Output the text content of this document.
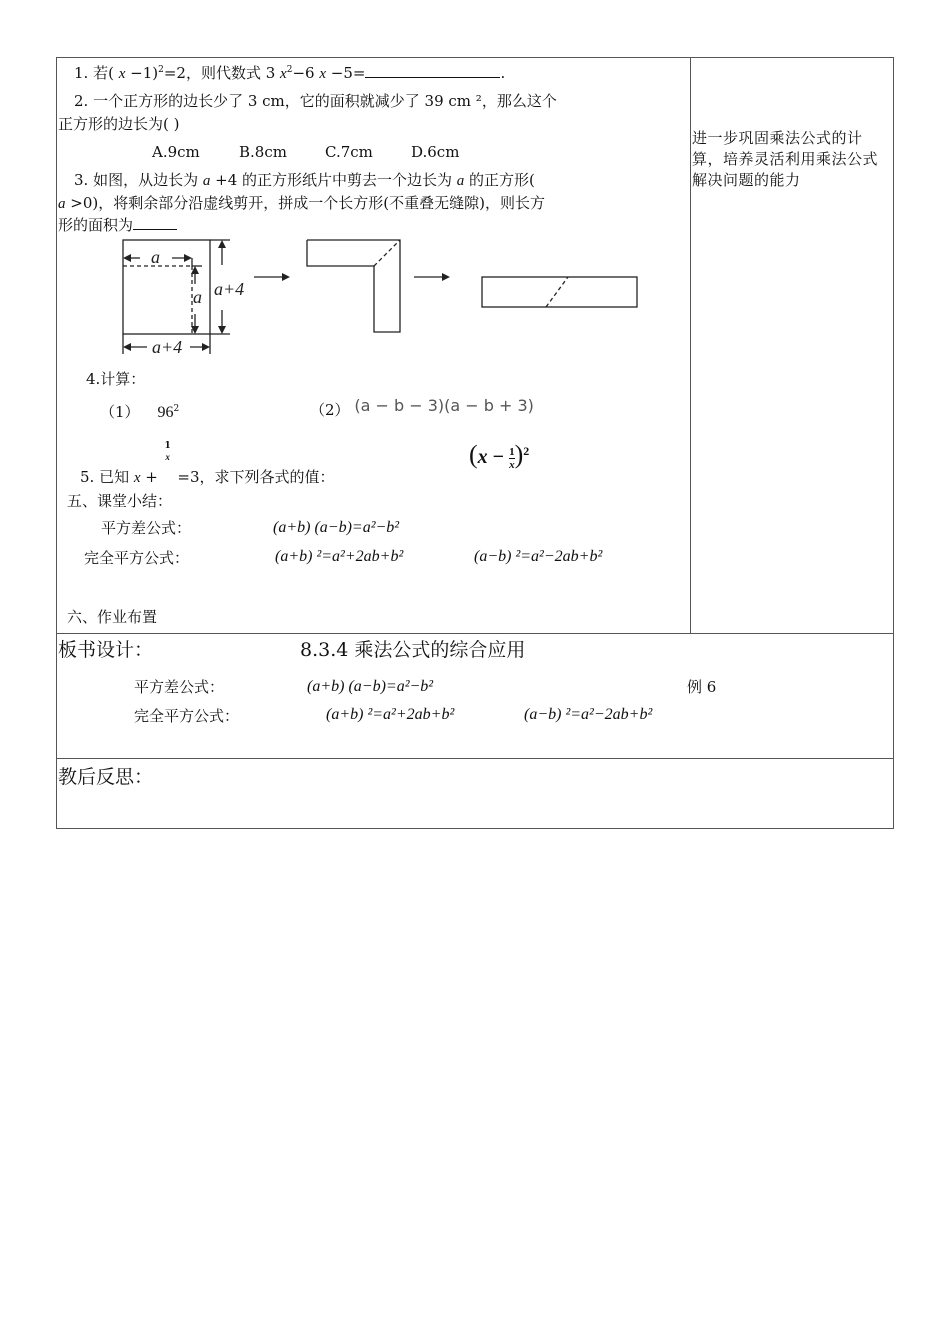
1. 若( x −1)$^2$=2，则代数式 3 $x^2-6$ x −5=	.
2. 一个正方形的边长少了 3 cm，它的面积就减少了 39 cm ²，那么这个
正方形的边长为( )
A.9cm	B.8cm	C.7cm	D.6cm
3. 如图，从边长为 a +4 的正方形纸片中剪去一个边长为 a 的正方形(
a >0)，将剩余部分沿虚线剪开，拼成一个长方形(不重叠无缝隙)，则长方
形的面积为
a
a a+4
a+4
4.计算：
（1） $96^2$	（2） (a − b − 3)(a − b + 3)
5. 已知 x +
1
x
=3，求下列各式的值：
$(x - \frac{1}{x} )^2$
五、课堂小结：
平方差公式：	(a+b) (a−b)=a²−b²
完全平方公式：	(a+b) ²=a²+2ab+b²	(a−b) ²=a²−2ab+b²
六、作业布置
进一步巩固乘法公式的计算，培养灵活利用乘法公式解决问题的能力
板书设计：	8.3.4 乘法公式的综合应用
平方差公式：	(a+b) (a−b)=a²−b²	例 6
完全平方公式：	(a+b) ²=a²+2ab+b²	(a−b) ²=a²−2ab+b²
教后反思：
